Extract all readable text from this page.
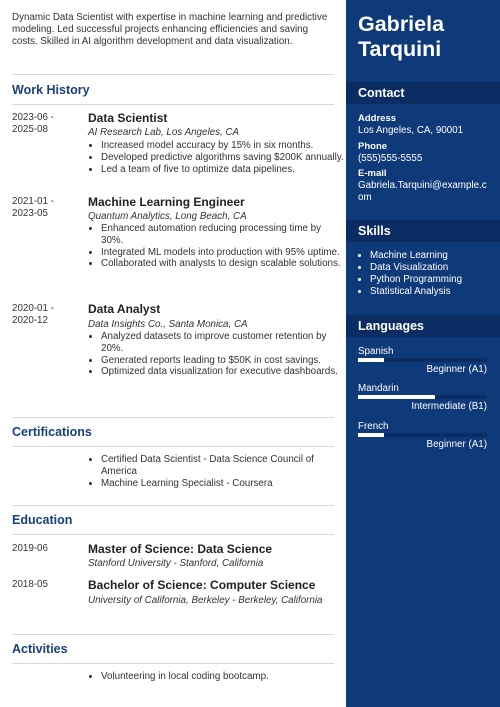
Dynamic Data Scientist with expertise in machine learning and predictive modeling. Led successful projects enhancing efficiencies and saving costs. Skilled in AI algorithm development and data visualization.
Work History
2023-06 -
2025-08
Data Scientist
AI Research Lab, Los Angeles, CA
• Increased model accuracy by 15% in six months.
• Developed predictive algorithms saving $200K annually.
• Led a team of five to optimize data pipelines.
2021-01 -
2023-05
Machine Learning Engineer
Quantum Analytics, Long Beach, CA
• Enhanced automation reducing processing time by 30%.
• Integrated ML models into production with 95% uptime.
• Collaborated with analysts to design scalable solutions.
2020-01 -
2020-12
Data Analyst
Data Insights Co., Santa Monica, CA
• Analyzed datasets to improve customer retention by 20%.
• Generated reports leading to $50K in cost savings.
• Optimized data visualization for executive dashboards.
Certifications
• Certified Data Scientist - Data Science Council of America
• Machine Learning Specialist - Coursera
Education
2019-06	Master of Science: Data Science
Stanford University - Stanford, California
2018-05	Bachelor of Science: Computer Science
University of California, Berkeley - Berkeley, California
Activities
• Volunteering in local coding bootcamp.
Gabriela
Tarquini
Contact
Address
Los Angeles, CA, 90001
Phone
(555)555-5555
E-mail
Gabriela.Tarquini@example.com
Skills
• Machine Learning
• Data Visualization
• Python Programming
• Statistical Analysis
Languages
Spanish
Beginner (A1)
Mandarin
Intermediate (B1)
French
Beginner (A1)
